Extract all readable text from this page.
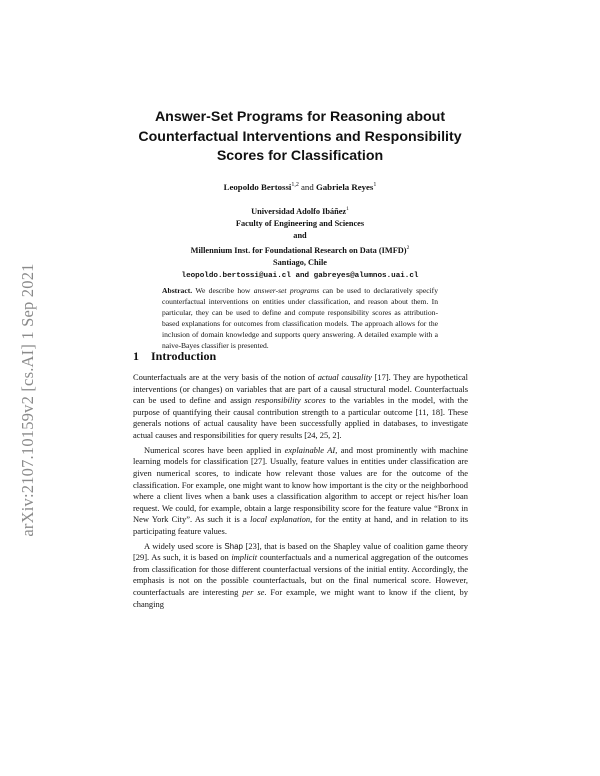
arXiv:2107.10159v2 [cs.AI] 1 Sep 2021
Answer-Set Programs for Reasoning about
Counterfactual Interventions and Responsibility
Scores for Classification
Leopoldo Bertossi$^{1,2}$ and Gabriela Reyes$^1$
Universidad Adolfo Ibáñez$^1$
Faculty of Engineering and Sciences
and
Millennium Inst. for Foundational Research on Data (IMFD)$^2$
Santiago, Chile
leopoldo.bertossi@uai.cl and gabreyes@alumnos.uai.cl
Abstract. We describe how answer-set programs can be used to declaratively specify counterfactual interventions on entities under classification, and reason about them. In particular, they can be used to define and compute responsibility scores as attribution-based explanations for outcomes from classification models. The approach allows for the inclusion of domain knowledge and supports query answering. A detailed example with a naive-Bayes classifier is presented.
1 Introduction

Counterfactuals are at the very basis of the notion of actual causality [17]. They are hypothetical interventions (or changes) on variables that are part of a causal structural model. Counterfactuals can be used to define and assign responsibility scores to the variables in the model, with the purpose of quantifying their causal contribution strength to a particular outcome [11, 18]. These generals notions of actual causality have been successfully applied in databases, to investigate actual causes and responsibilities for query results [24, 25, 2].

Numerical scores have been applied in explainable AI, and most prominently with machine learning models for classification [27]. Usually, feature values in entities under classification are given numerical scores, to indicate how relevant those values are for the outcome of the classification. For example, one might want to know how important is the city or the neighborhood where a client lives when a bank uses a classification algorithm to accept or reject his/her loan request. We could, for example, obtain a large responsibility score for the feature value “Bronx in New York City”. As such it is a local explanation, for the entity at hand, and in relation to its participating feature values.

A widely used score is Shap [23], that is based on the Shapley value of coalition game theory [29]. As such, it is based on implicit counterfactuals and a numerical aggregation of the outcomes from classification for those different counterfactual versions of the initial entity. Accordingly, the emphasis is not on the possible counterfactuals, but on the final numerical score. However, counterfactuals are interesting per se. For example, we might want to know if the client, by changing
